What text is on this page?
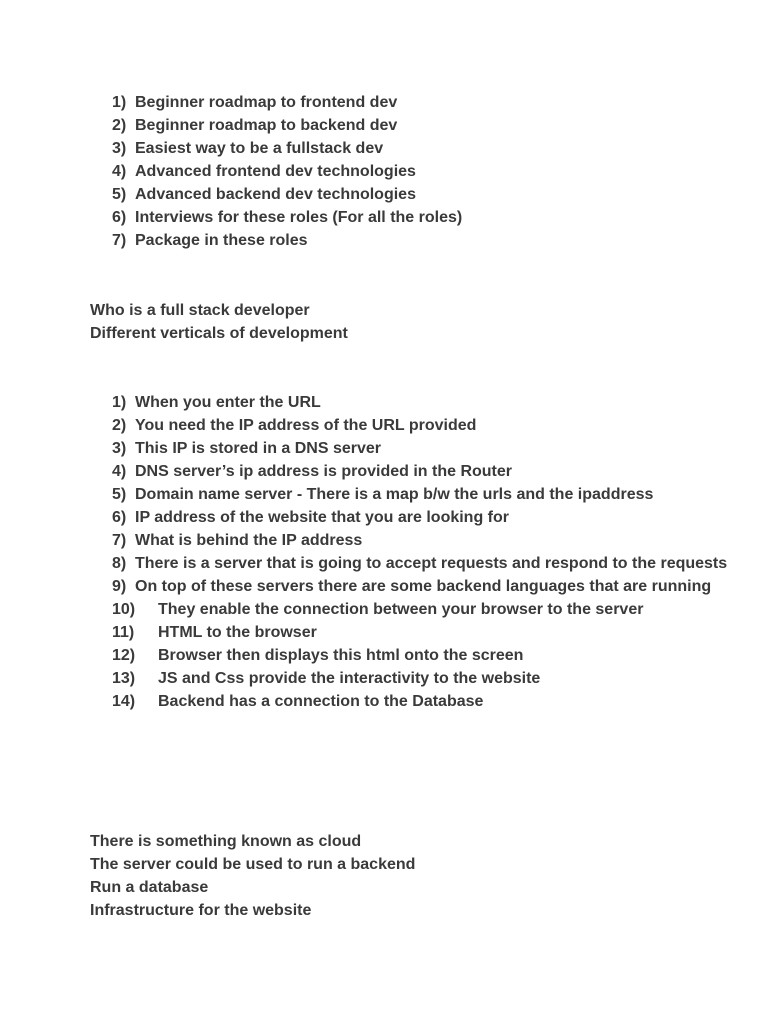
1) Beginner roadmap to frontend dev
2) Beginner roadmap to backend dev
3) Easiest way to be a fullstack dev
4) Advanced frontend dev technologies
5) Advanced backend dev technologies
6) Interviews for these roles (For all the roles)
7) Package in these roles
Who is a full stack developer
Different verticals of development
1) When you enter the URL
2) You need the IP address of the URL provided
3) This IP is stored in a DNS server
4) DNS server’s ip address is provided in the Router
5) Domain name server - There is a map b/w the urls and the ipaddress
6) IP address of the website that you are looking for
7) What is behind the IP address
8) There is a server that is going to accept requests and respond to the requests
9) On top of these servers there are some backend languages that are running
10) They enable the connection between your browser to the server
11) HTML to the browser
12) Browser then displays this html onto the screen
13) JS and Css provide the interactivity to the website
14) Backend has a connection to the Database
There is something known as cloud
The server could be used to run a backend
Run a database
Infrastructure for the website
